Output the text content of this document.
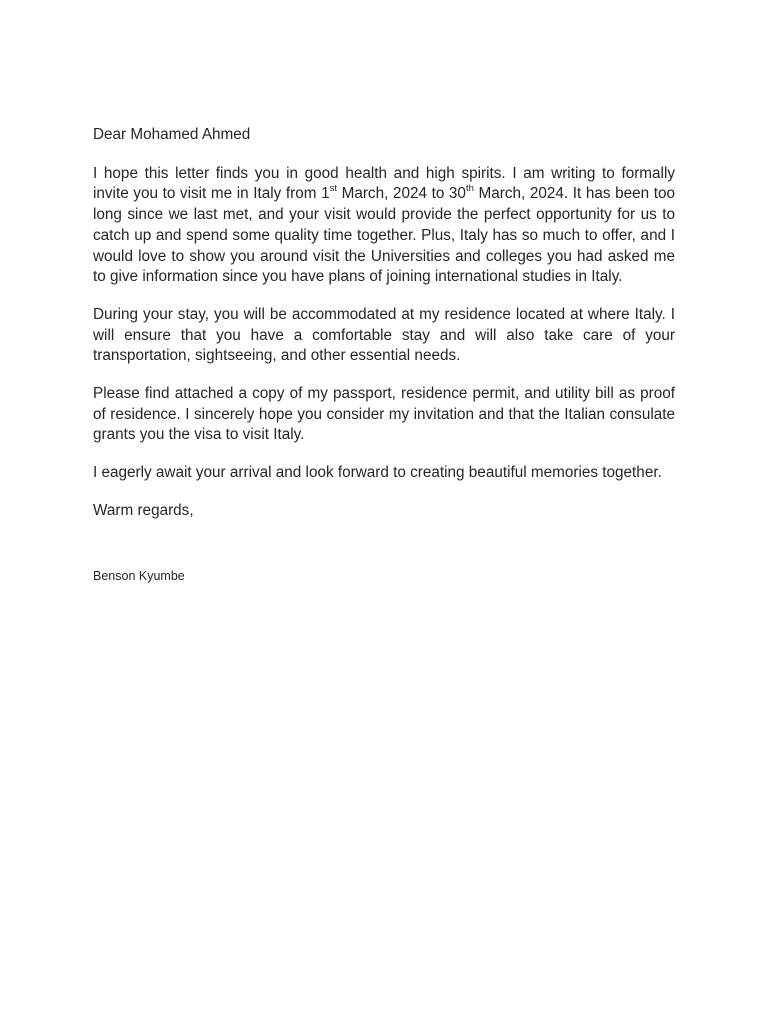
Dear Mohamed Ahmed

I hope this letter finds you in good health and high spirits. I am writing to formally invite you to visit me in Italy from 1st March, 2024 to 30th March, 2024. It has been too long since we last met, and your visit would provide the perfect opportunity for us to catch up and spend some quality time together. Plus, Italy has so much to offer, and I would love to show you around visit the Universities and colleges you had asked me to give information since you have plans of joining international studies in Italy.

During your stay, you will be accommodated at my residence located at where Italy. I will ensure that you have a comfortable stay and will also take care of your transportation, sightseeing, and other essential needs.

Please find attached a copy of my passport, residence permit, and utility bill as proof of residence. I sincerely hope you consider my invitation and that the Italian consulate grants you the visa to visit Italy.

I eagerly await your arrival and look forward to creating beautiful memories together.

Warm regards,

Benson Kyumbe
